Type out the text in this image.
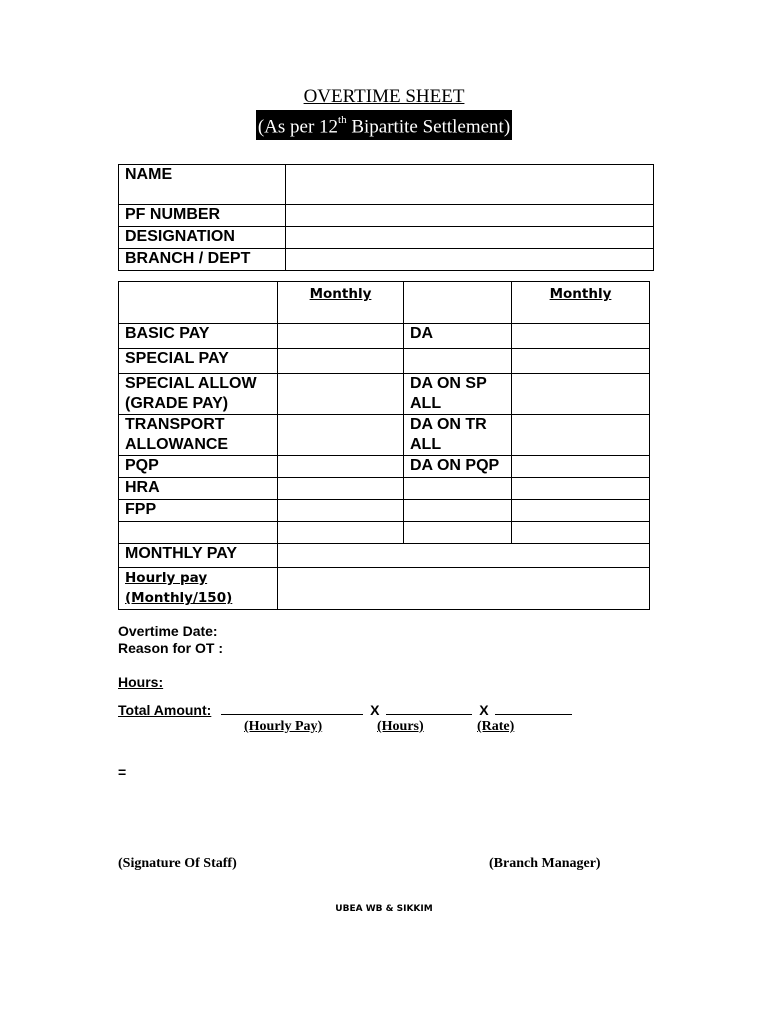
OVERTIME SHEET
(As per 12th Bipartite Settlement)
NAME	
PF NUMBER	
DESIGNATION	
BRANCH / DEPT	
	Monthly		Monthly
BASIC PAY		DA	
SPECIAL PAY			
SPECIAL ALLOW (GRADE PAY)		DA ON SP ALL	
TRANSPORT ALLOWANCE		DA ON TR ALL	
PQP		DA ON PQP	
HRA			
FPP			

MONTHLY PAY			

Hourly pay
(Monthly/150)			

Overtime Date:
Reason for OT :
Hours:
Total Amount:	X	X
(Hourly Pay)	(Hours)	(Rate)
=
(Signature Of Staff)	(Branch Manager)
UBEA WB & SIKKIM
